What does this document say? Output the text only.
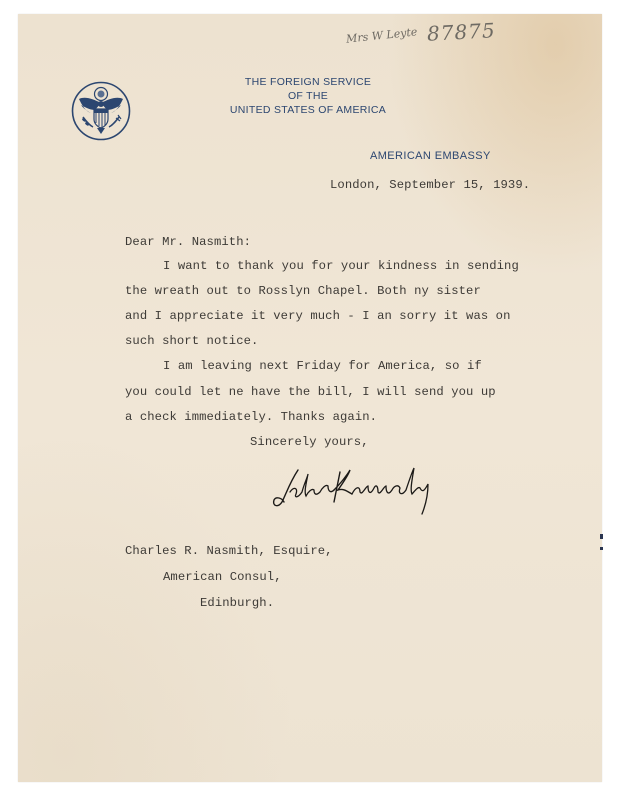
Mrs W Leyte 87875
THE FOREIGN SERVICE
OF THE
UNITED STATES OF AMERICA
AMERICAN EMBASSY
London, September 15, 1939.
Dear Mr. Nasmith:
I want to thank you for your kindness in sending
the wreath out to Rosslyn Chapel. Both ny sister
and I appreciate it very much - I an sorry it was on
such short notice.
I am leaving next Friday for America, so if
you could let ne have the bill, I will send you up
a check immediately. Thanks again.
Sincerely yours,
Charles R. Nasmith, Esquire,
American Consul,
Edinburgh.
